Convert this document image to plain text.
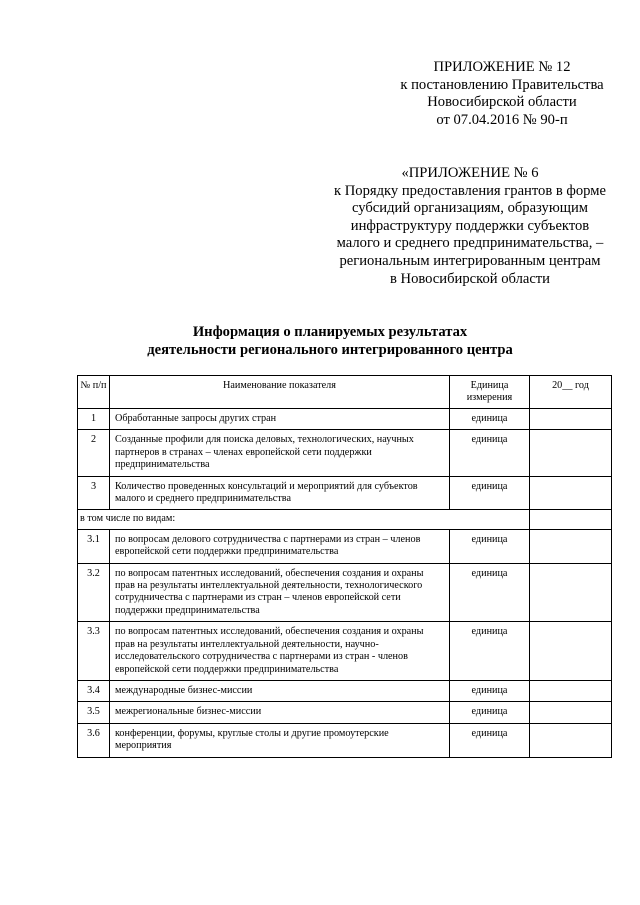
ПРИЛОЖЕНИЕ № 12
к постановлению Правительства
Новосибирской области
от 07.04.2016 № 90-п
«ПРИЛОЖЕНИЕ № 6
к Порядку предоставления грантов в форме
субсидий организациям, образующим
инфраструктуру поддержки субъектов
малого и среднего предпринимательства, –
региональным интегрированным центрам
в Новосибирской области
Информация о планируемых результатах
деятельности регионального интегрированного центра
№ п/п	Наименование показателя	Единица измерения	20__ год
1	Обработанные запросы других стран	единица	
2	Созданные профили для поиска деловых, технологических, научных партнеров в странах – членах европейской сети поддержки предпринимательства	единица	
3	Количество проведенных консультаций и мероприятий для субъектов малого и среднего предпринимательства	единица	
в том числе по видам:			
3.1	по вопросам делового сотрудничества с партнерами из стран – членов европейской сети поддержки предпринимательства	единица	
3.2	по вопросам патентных исследований, обеспечения создания и охраны прав на результаты интеллектуальной деятельности, технологического сотрудничества с партнерами из стран – членов европейской сети поддержки предпринимательства	единица	
3.3	по вопросам патентных исследований, обеспечения создания и охраны прав на результаты интеллектуальной деятельности, научно-исследовательского сотрудничества с партнерами из стран - членов европейской сети поддержки предпринимательства	единица	
3.4	международные бизнес-миссии	единица	
3.5	межрегиональные бизнес-миссии	единица	
3.6	конференции, форумы, круглые столы и другие промоутерские мероприятия	единица	
